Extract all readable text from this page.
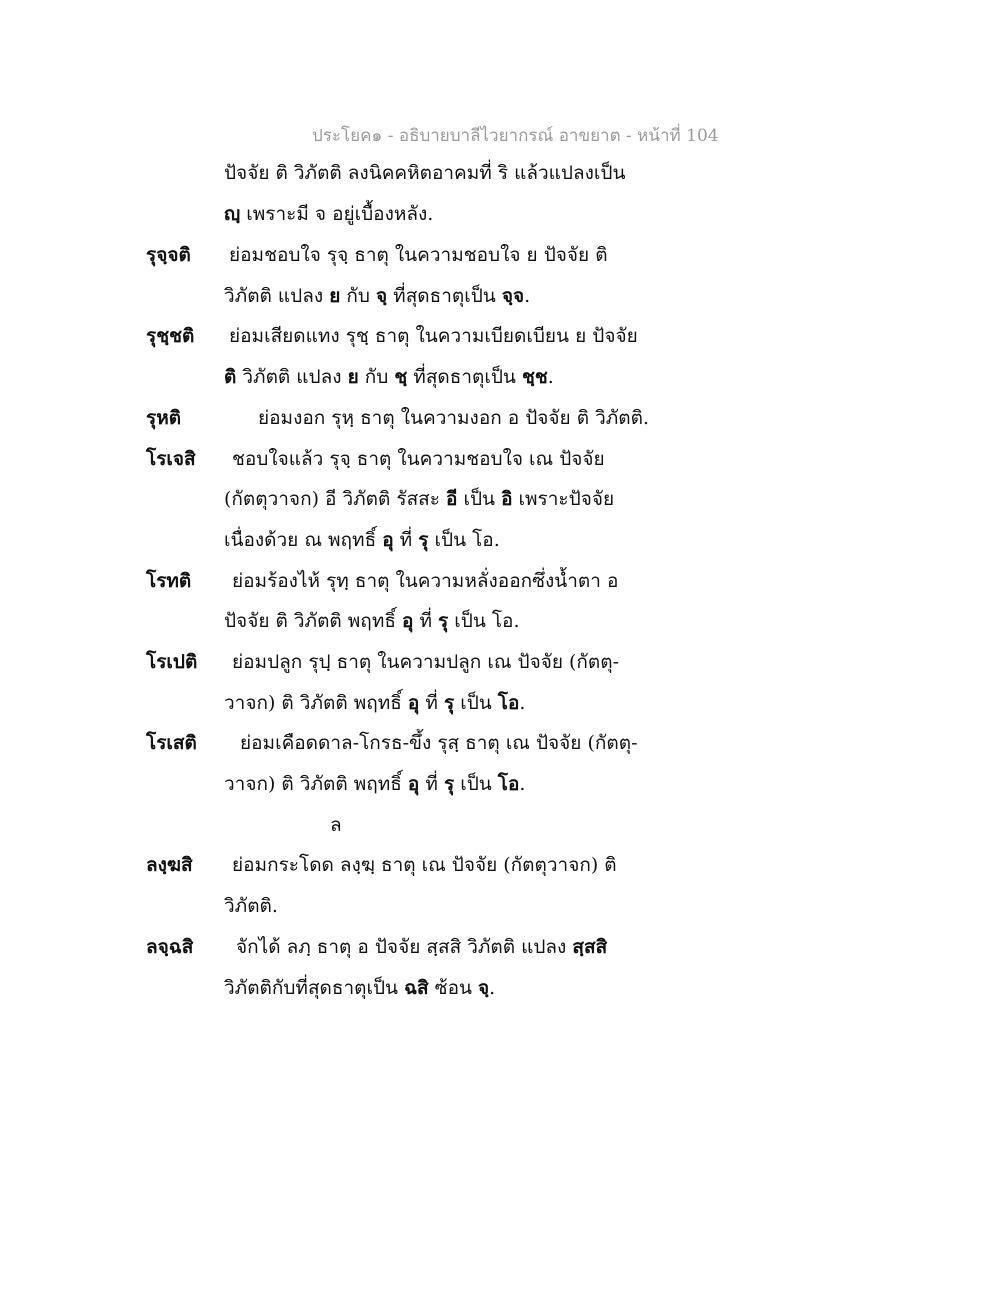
ประโยค๑ - อธิบายบาลีไวยากรณ์ อาขยาต - หน้าที่ 104
ปัจจัย ติ วิภัตติ ลงนิคคหิตอาคมที่ ริ แล้วแปลงเป็น
ญฺ เพราะมี จ อยู่เบื้องหลัง.
รุจฺจติ ย่อมชอบใจ รุจฺ ธาตุ ในความชอบใจ ย ปัจจัย ติ
วิภัตติ แปลง ย กับ จฺ ที่สุดธาตุเป็น จฺจ.
รุชฺชติ ย่อมเสียดแทง รุชฺ ธาตุ ในความเบียดเบียน ย ปัจจัย
ติ วิภัตติ แปลง ย กับ ชฺ ที่สุดธาตุเป็น ชฺช.
รุหติ	ย่อมงอก รุหฺ ธาตุ ในความงอก อ ปัจจัย ติ วิภัตติ.
โรเจสิ ชอบใจแล้ว รุจฺ ธาตุ ในความชอบใจ เณ ปัจจัย
(กัตตุวาจก) อี วิภัตติ รัสสะ อี เป็น อิ เพราะปัจจัย
เนื่องด้วย ณ พฤทธิ์ อุ ที่ รุ เป็น โอ.
โรทติ ย่อมร้องไห้ รุทฺ ธาตุ ในความหลั่งออกซึ่งน้ำตา อ
ปัจจัย ติ วิภัตติ พฤทธิ์ อุ ที่ รุ เป็น โอ.
โรเปติ ย่อมปลูก รุปฺ ธาตุ ในความปลูก เณ ปัจจัย (กัตตุ-
วาจก) ติ วิภัตติ พฤทธิ์ อุ ที่ รุ เป็น โอ.
โรเสติ ย่อมเคือดดาล-โกรธ-ขึ้ง รุสฺ ธาตุ เณ ปัจจัย (กัตตุ-
วาจก) ติ วิภัตติ พฤทธิ์ อุ ที่ รุ เป็น โอ.
ล
ลงฺฆสิ ย่อมกระโดด ลงฺฆฺ ธาตุ เณ ปัจจัย (กัตตุวาจก) ติ
วิภัตติ.
ลจฺฉสิ จักได้ ลภฺ ธาตุ อ ปัจจัย สฺสสิ วิภัตติ แปลง สฺสสิ
วิภัตติกับที่สุดธาตุเป็น ฉสิ ซ้อน จฺ.
